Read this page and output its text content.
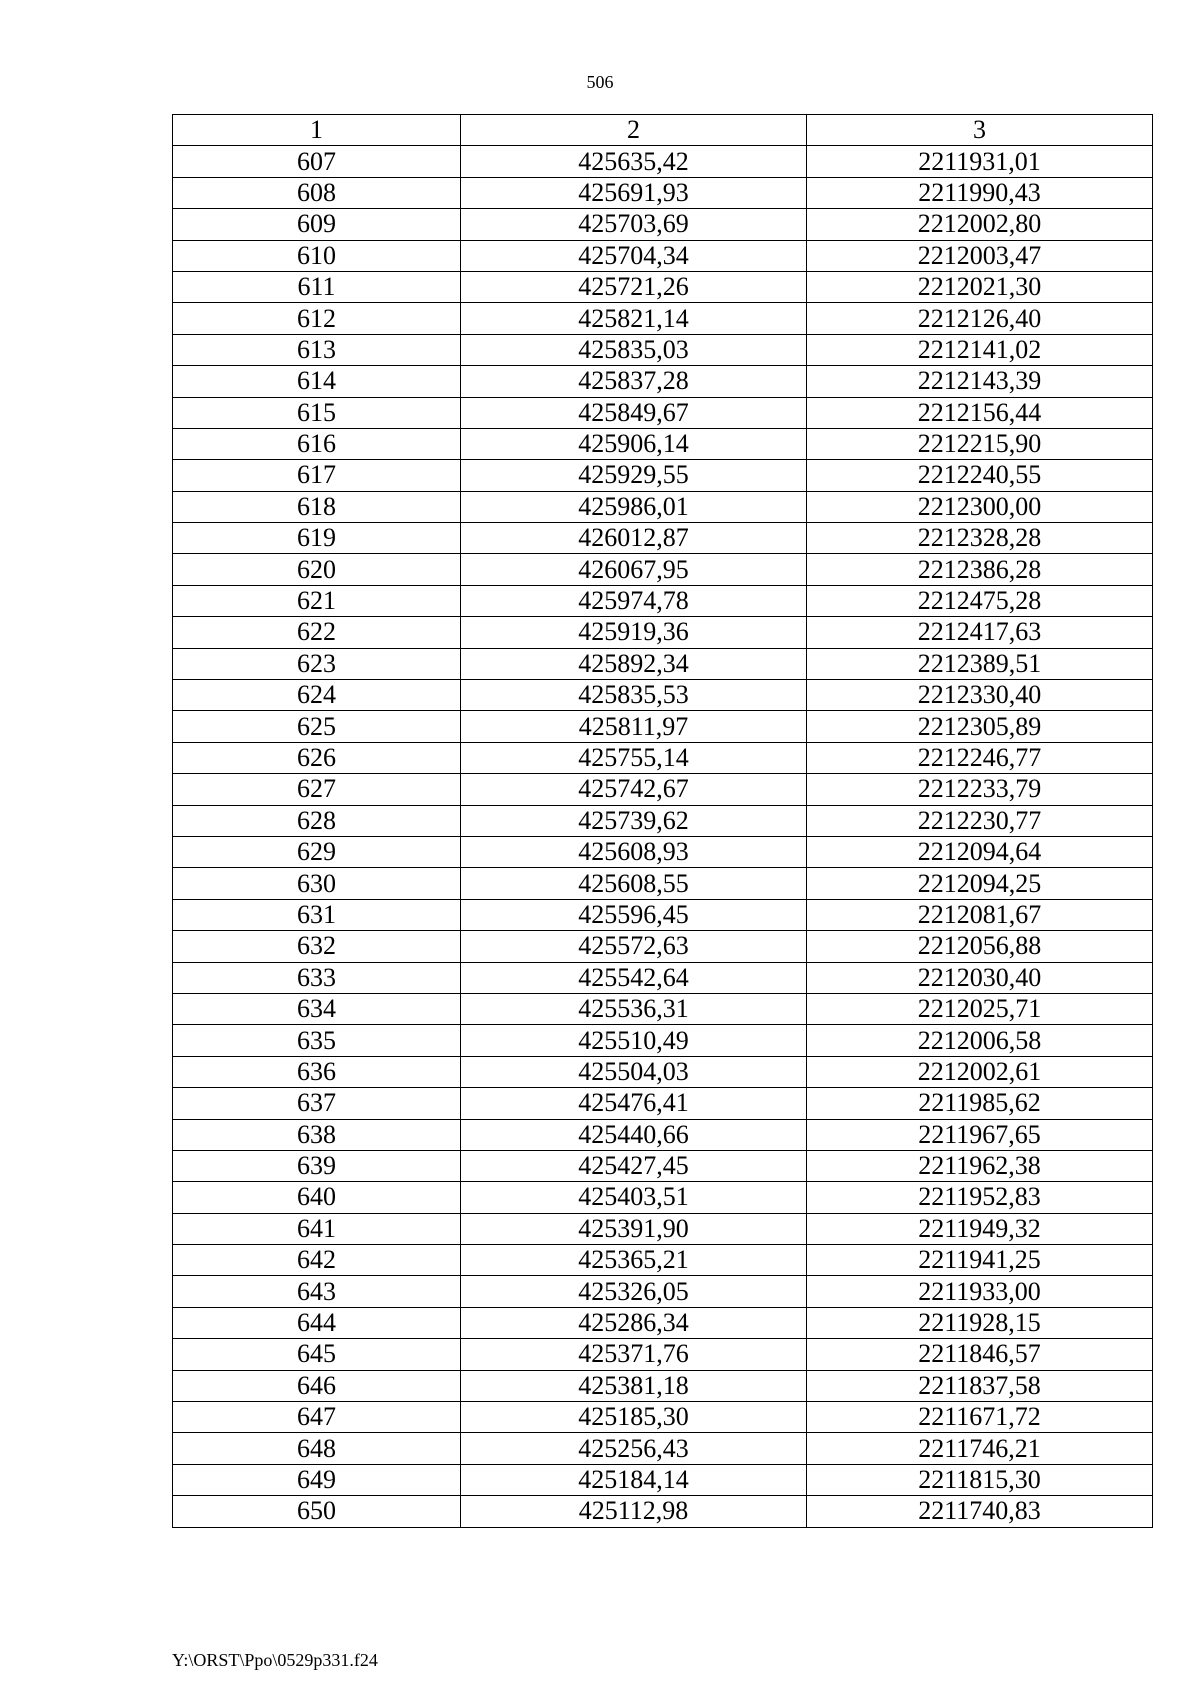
506
1	2	3
607	425635,42	2211931,01
608	425691,93	2211990,43
609	425703,69	2212002,80
610	425704,34	2212003,47
611	425721,26	2212021,30
612	425821,14	2212126,40
613	425835,03	2212141,02
614	425837,28	2212143,39
615	425849,67	2212156,44
616	425906,14	2212215,90
617	425929,55	2212240,55
618	425986,01	2212300,00
619	426012,87	2212328,28
620	426067,95	2212386,28
621	425974,78	2212475,28
622	425919,36	2212417,63
623	425892,34	2212389,51
624	425835,53	2212330,40
625	425811,97	2212305,89
626	425755,14	2212246,77
627	425742,67	2212233,79
628	425739,62	2212230,77
629	425608,93	2212094,64
630	425608,55	2212094,25
631	425596,45	2212081,67
632	425572,63	2212056,88
633	425542,64	2212030,40
634	425536,31	2212025,71
635	425510,49	2212006,58
636	425504,03	2212002,61
637	425476,41	2211985,62
638	425440,66	2211967,65
639	425427,45	2211962,38
640	425403,51	2211952,83
641	425391,90	2211949,32
642	425365,21	2211941,25
643	425326,05	2211933,00
644	425286,34	2211928,15
645	425371,76	2211846,57
646	425381,18	2211837,58
647	425185,30	2211671,72
648	425256,43	2211746,21
649	425184,14	2211815,30
650	425112,98	2211740,83
Y:\ORST\Ppo\0529p331.f24
